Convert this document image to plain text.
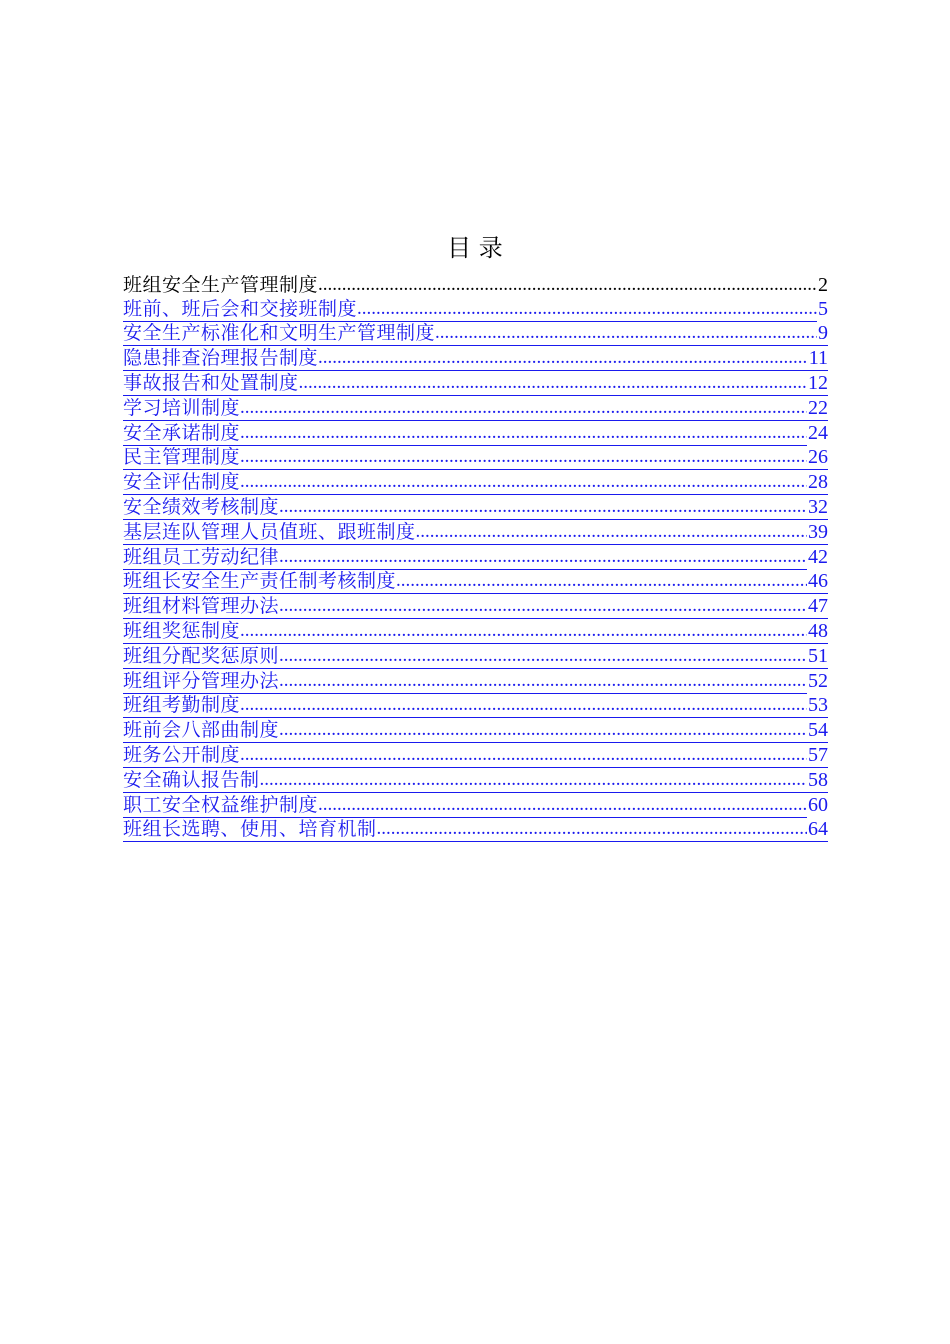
目 录
班组安全生产管理制度 .....	2
班前、班后会和交接班制度 .....	5
安全生产标准化和文明生产管理制度 .....	9
隐患排查治理报告制度 .....	11
事故报告和处置制度 .....	12
学习培训制度 .....	22
安全承诺制度 .....	24
民主管理制度 .....	26
安全评估制度 .....	28
安全绩效考核制度 .....	32
基层连队管理人员值班、跟班制度 .....	39
班组员工劳动纪律 .....	42
班组长安全生产责任制考核制度 .....	46
班组材料管理办法 .....	47
班组奖惩制度 .....	48
班组分配奖惩原则 .....	51
班组评分管理办法 .....	52
班组考勤制度 .....	53
班前会八部曲制度 .....	54
班务公开制度 .....	57
安全确认报告制 .....	58
职工安全权益维护制度 .....	60
班组长选聘、使用、培育机制 .....	64
